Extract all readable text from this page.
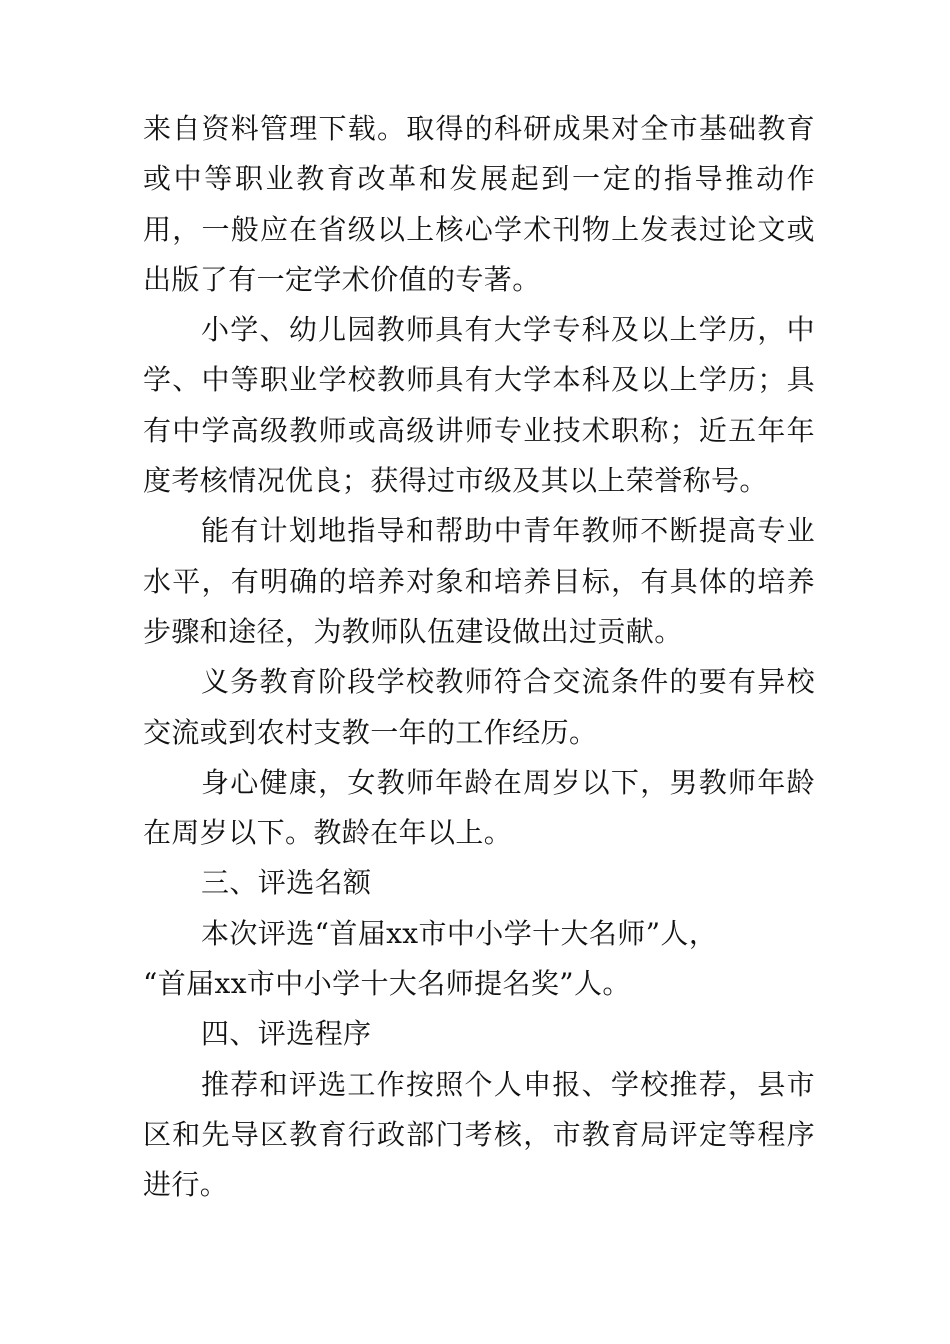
来自资料管理下载。取得的科研成果对全市基础教育或中等职业教育改革和发展起到一定的指导推动作用，一般应在省级以上核心学术刊物上发表过论文或出版了有一定学术价值的专著。

小学、幼儿园教师具有大学专科及以上学历，中学、中等职业学校教师具有大学本科及以上学历；具有中学高级教师或高级讲师专业技术职称；近五年年度考核情况优良；获得过市级及其以上荣誉称号。

能有计划地指导和帮助中青年教师不断提高专业水平，有明确的培养对象和培养目标，有具体的培养步骤和途径，为教师队伍建设做出过贡献。

义务教育阶段学校教师符合交流条件的要有异校交流或到农村支教一年的工作经历。

身心健康，女教师年龄在周岁以下，男教师年龄在周岁以下。教龄在年以上。

三、评选名额

本次评选“首届xx市中小学十大名师”人，

“首届xx市中小学十大名师提名奖”人。

四、评选程序

推荐和评选工作按照个人申报、学校推荐，县市区和先导区教育行政部门考核，市教育局评定等程序进行。
